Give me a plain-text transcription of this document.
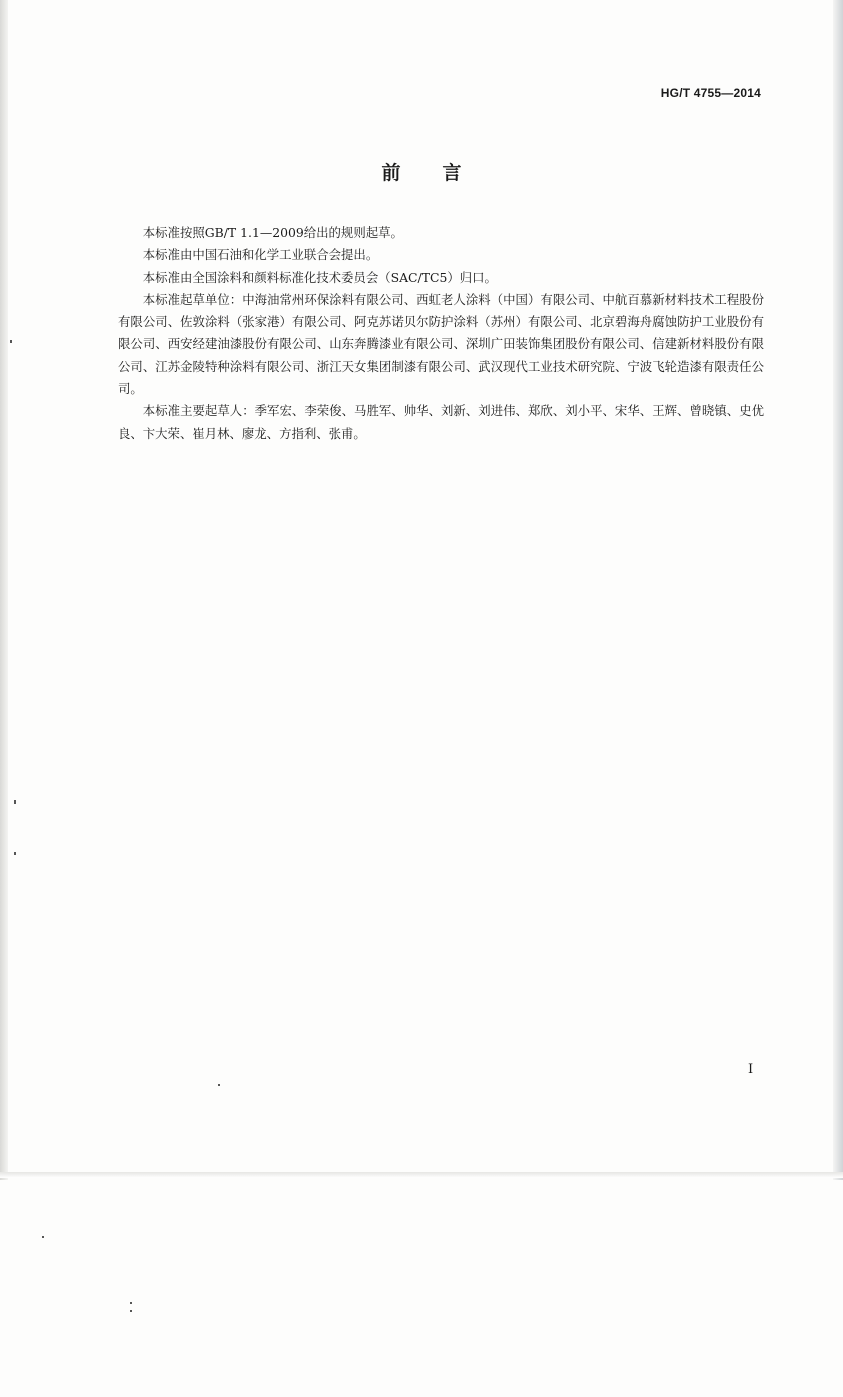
HG/T 4755—2014
前言

本标准按照GB/T 1.1—2009给出的规则起草。

本标准由中国石油和化学工业联合会提出。

本标准由全国涂料和颜料标准化技术委员会（SAC/TC5）归口。

本标准起草单位：中海油常州环保涂料有限公司、西虹老人涂料（中国）有限公司、中航百慕新材料技术工程股份有限公司、佐敦涂料（张家港）有限公司、阿克苏诺贝尔防护涂料（苏州）有限公司、北京碧海舟腐蚀防护工业股份有限公司、西安经建油漆股份有限公司、山东奔腾漆业有限公司、深圳广田装饰集团股份有限公司、信建新材料股份有限公司、江苏金陵特种涂料有限公司、浙江天女集团制漆有限公司、武汉现代工业技术研究院、宁波飞轮造漆有限责任公司。

本标准主要起草人：季军宏、李荣俊、马胜军、帅华、刘新、刘进伟、郑欣、刘小平、宋华、王辉、曾晓镇、史优良、卞大荣、崔月林、廖龙、方指利、张甫。

I
